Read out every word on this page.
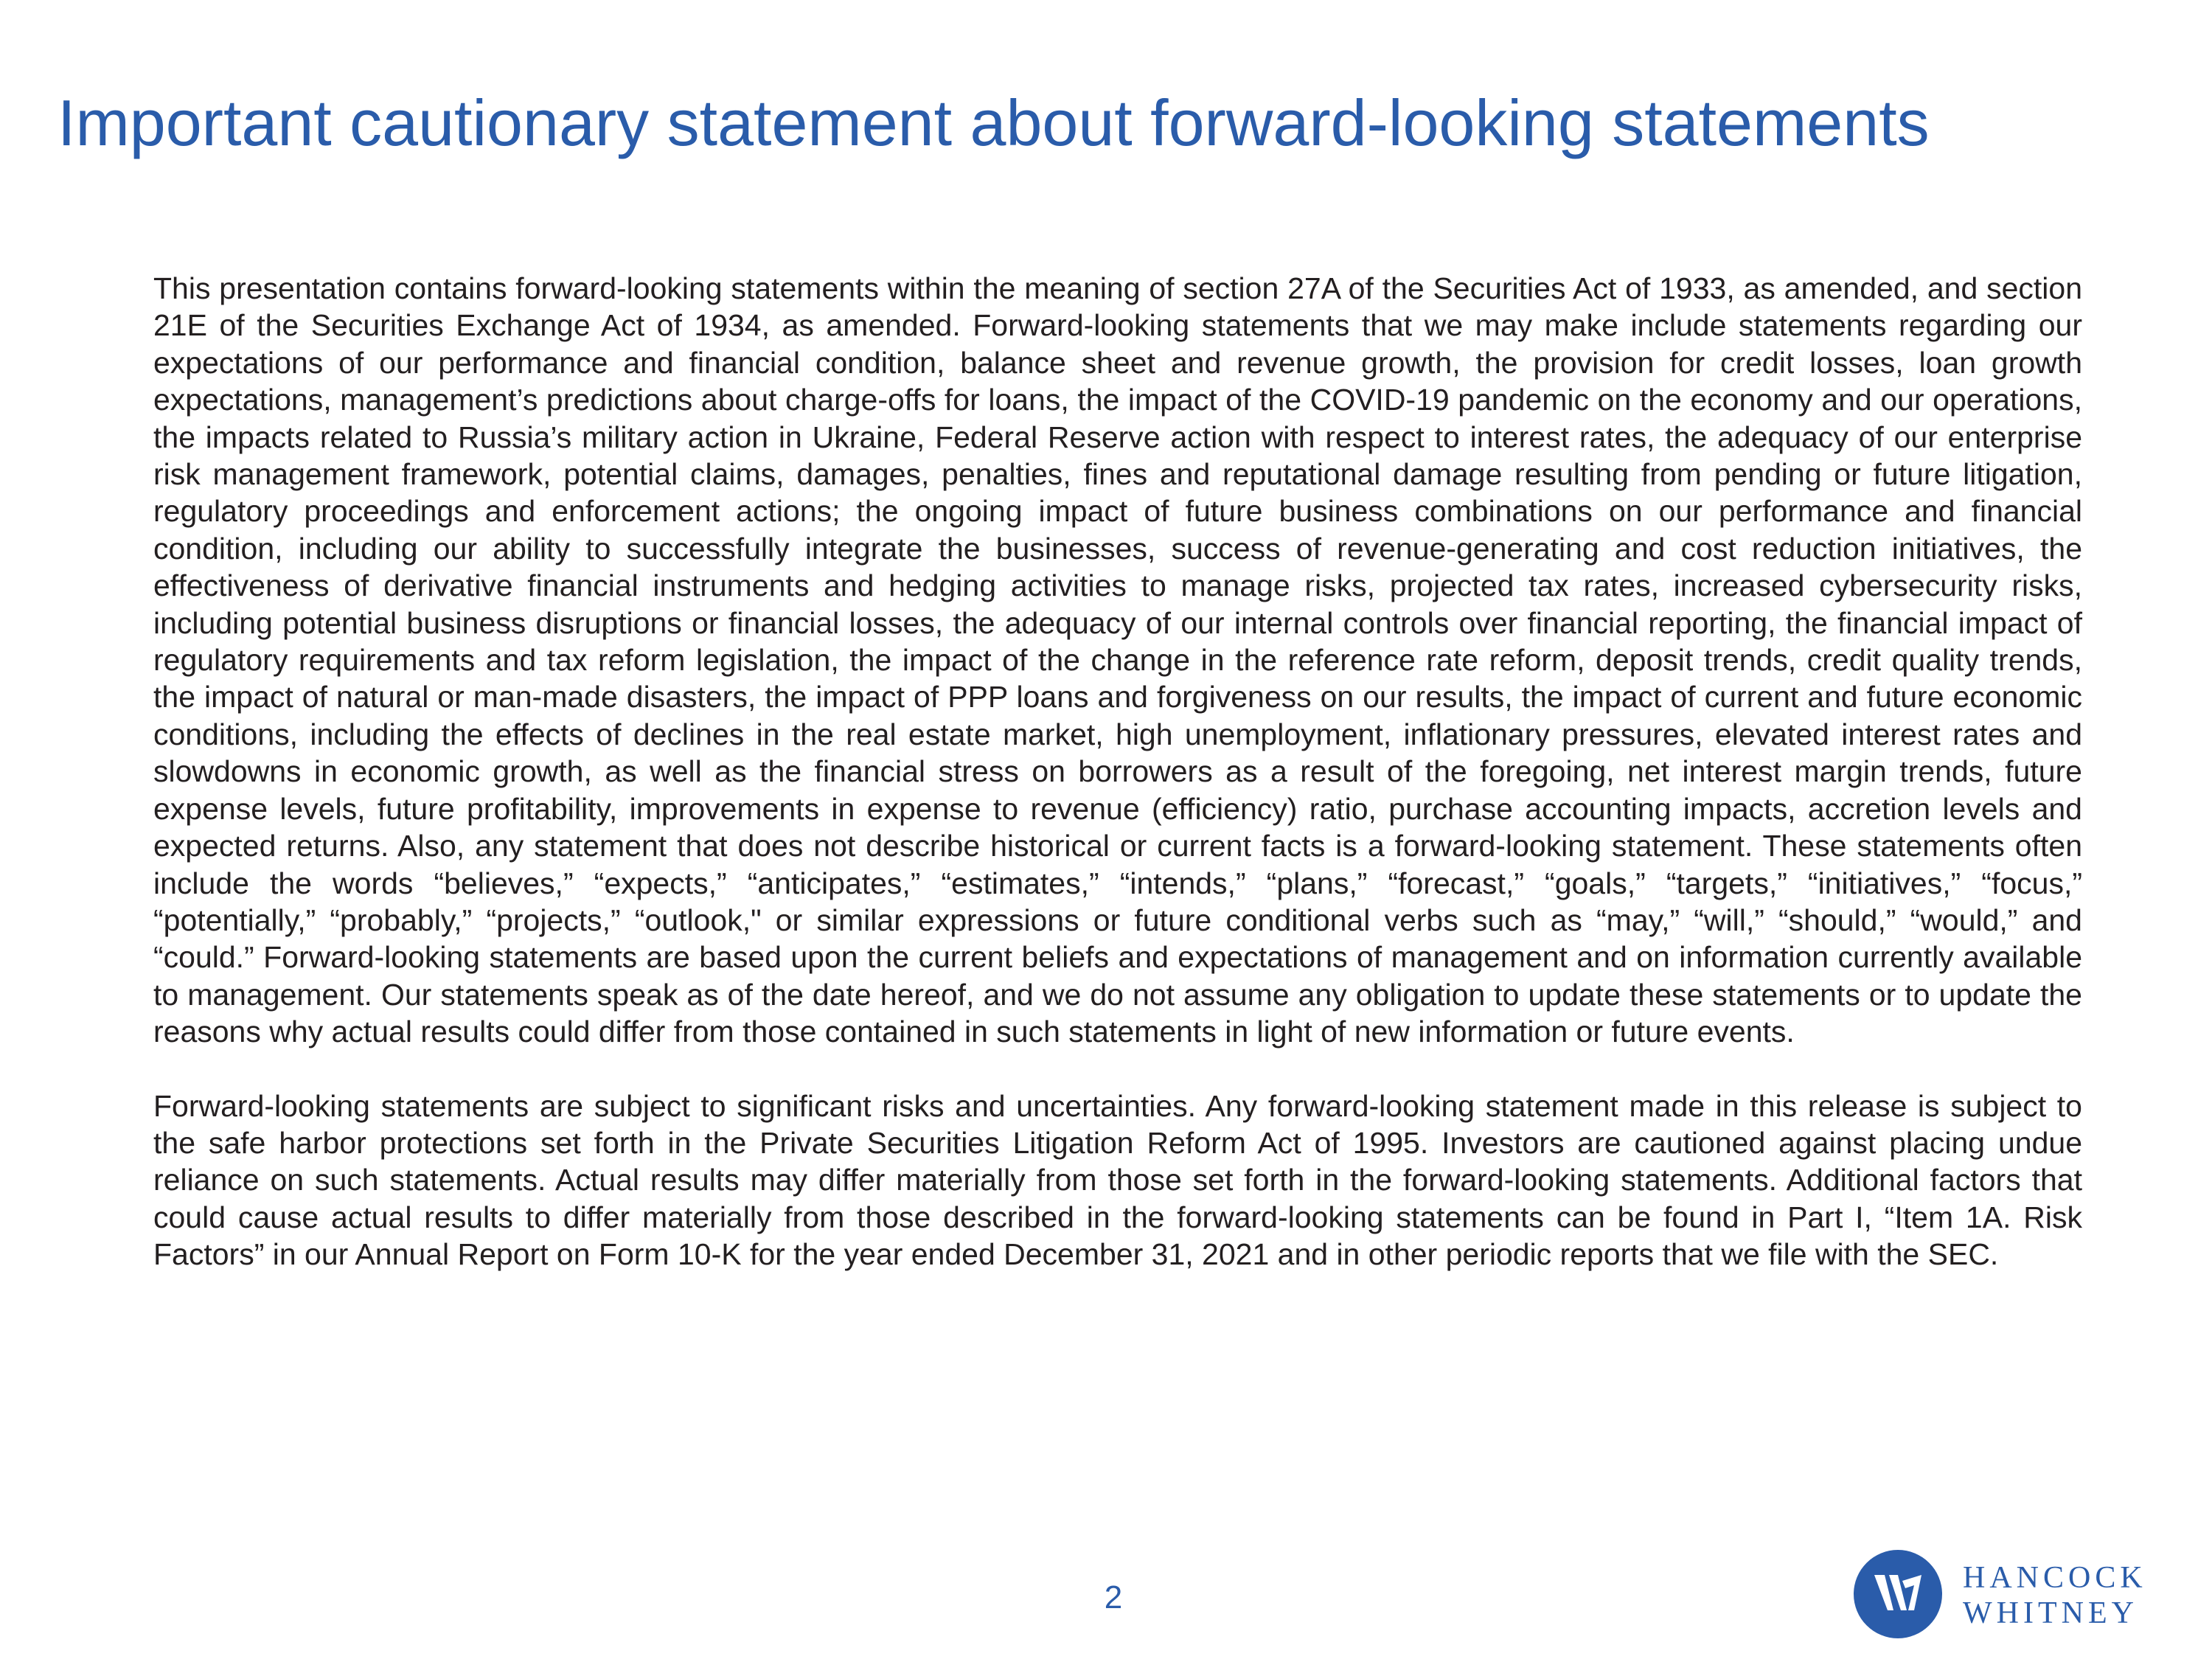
Important cautionary statement about forward-looking statements

This presentation contains forward-looking statements within the meaning of section 27A of the Securities Act of 1933, as amended, and section 21E of the Securities Exchange Act of 1934, as amended. Forward-looking statements that we may make include statements regarding our expectations of our performance and financial condition, balance sheet and revenue growth, the provision for credit losses, loan growth expectations, management’s predictions about charge-offs for loans, the impact of the COVID-19 pandemic on the economy and our operations, the impacts related to Russia’s military action in Ukraine, Federal Reserve action with respect to interest rates, the adequacy of our enterprise risk management framework, potential claims, damages, penalties, fines and reputational damage resulting from pending or future litigation, regulatory proceedings and enforcement actions; the ongoing impact of future business combinations on our performance and financial condition, including our ability to successfully integrate the businesses, success of revenue-generating and cost reduction initiatives, the effectiveness of derivative financial instruments and hedging activities to manage risks, projected tax rates, increased cybersecurity risks, including potential business disruptions or financial losses, the adequacy of our internal controls over financial reporting, the financial impact of regulatory requirements and tax reform legislation, the impact of the change in the reference rate reform, deposit trends, credit quality trends, the impact of natural or man-made disasters, the impact of PPP loans and forgiveness on our results, the impact of current and future economic conditions, including the effects of declines in the real estate market, high unemployment, inflationary pressures, elevated interest rates and slowdowns in economic growth, as well as the financial stress on borrowers as a result of the foregoing, net interest margin trends, future expense levels, future profitability, improvements in expense to revenue (efficiency) ratio, purchase accounting impacts, accretion levels and expected returns. Also, any statement that does not describe historical or current facts is a forward-looking statement. These statements often include the words “believes,” “expects,” “anticipates,” “estimates,” “intends,” “plans,” “forecast,” “goals,” “targets,” “initiatives,” “focus,” “potentially,” “probably,” “projects,” “outlook," or similar expressions or future conditional verbs such as “may,” “will,” “should,” “would,” and “could.” Forward-looking statements are based upon the current beliefs and expectations of management and on information currently available to management. Our statements speak as of the date hereof, and we do not assume any obligation to update these statements or to update the reasons why actual results could differ from those contained in such statements in light of new information or future events.

Forward-looking statements are subject to significant risks and uncertainties. Any forward-looking statement made in this release is subject to the safe harbor protections set forth in the Private Securities Litigation Reform Act of 1995. Investors are cautioned against placing undue reliance on such statements. Actual results may differ materially from those set forth in the forward-looking statements. Additional factors that could cause actual results to differ materially from those described in the forward-looking statements can be found in Part I, “Item 1A. Risk Factors” in our Annual Report on Form 10-K for the year ended December 31, 2021 and in other periodic reports that we file with the SEC.

2
HANCOCK
WHITNEY
